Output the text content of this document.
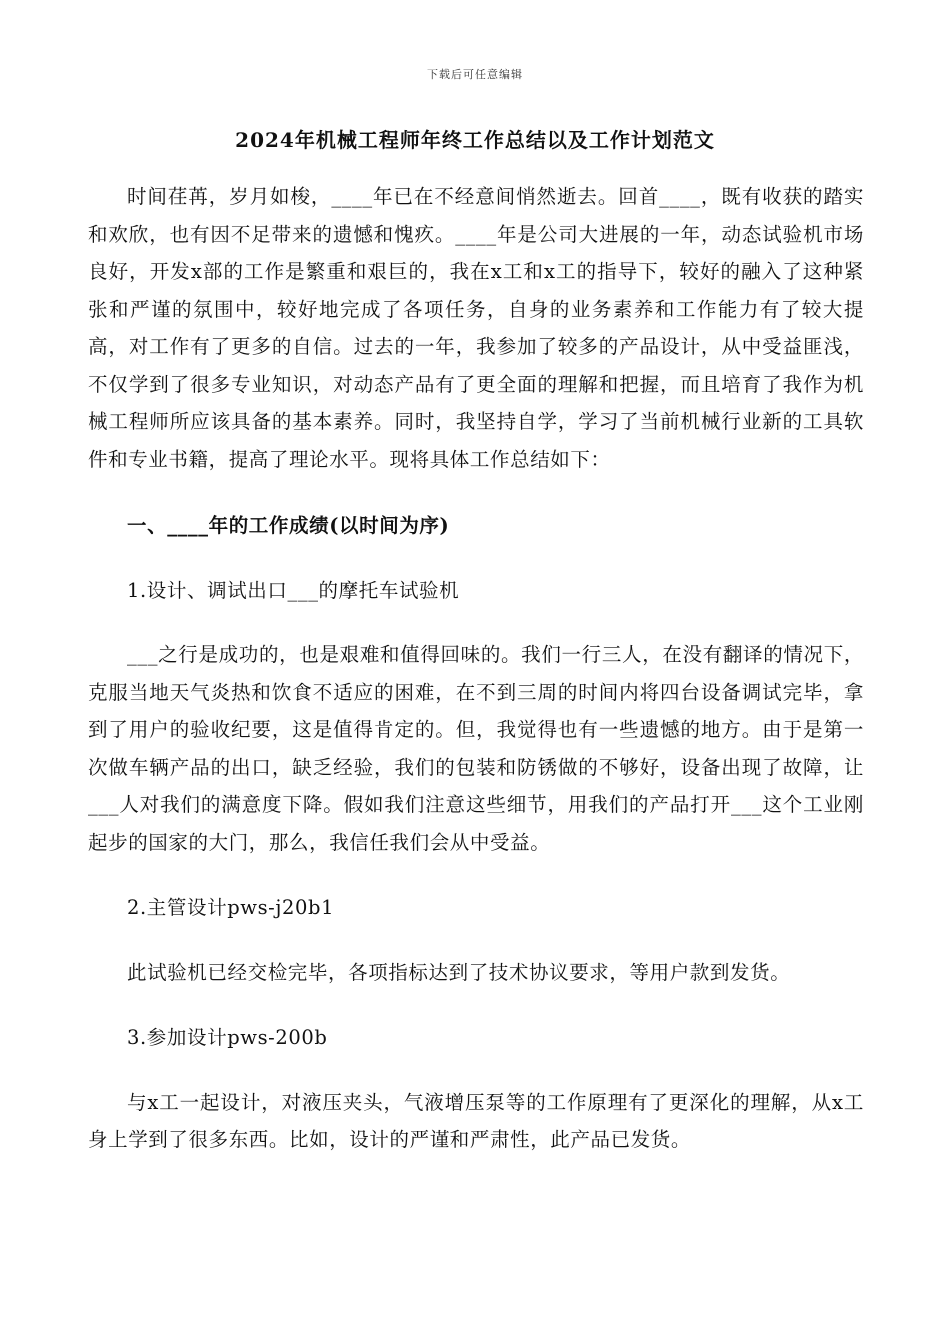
下载后可任意编辑
2024年机械工程师年终工作总结以及工作计划范文

时间荏苒，岁月如梭，____年已在不经意间悄然逝去。回首____，既有收获的踏实和欢欣，也有因不足带来的遗憾和愧疚。____年是公司大进展的一年，动态试验机市场良好，开发x部的工作是繁重和艰巨的，我在x工和x工的指导下，较好的融入了这种紧张和严谨的氛围中，较好地完成了各项任务，自身的业务素养和工作能力有了较大提高，对工作有了更多的自信。过去的一年，我参加了较多的产品设计，从中受益匪浅，不仅学到了很多专业知识，对动态产品有了更全面的理解和把握，而且培育了我作为机械工程师所应该具备的基本素养。同时，我坚持自学，学习了当前机械行业新的工具软件和专业书籍，提高了理论水平。现将具体工作总结如下：

一、____年的工作成绩(以时间为序)

1.设计、调试出口___的摩托车试验机

___之行是成功的，也是艰难和值得回味的。我们一行三人，在没有翻译的情况下，克服当地天气炎热和饮食不适应的困难，在不到三周的时间内将四台设备调试完毕，拿到了用户的验收纪要，这是值得肯定的。但，我觉得也有一些遗憾的地方。由于是第一次做车辆产品的出口，缺乏经验，我们的包装和防锈做的不够好，设备出现了故障，让___人对我们的满意度下降。假如我们注意这些细节，用我们的产品打开___这个工业刚起步的国家的大门，那么，我信任我们会从中受益。

2.主管设计pws-j20b1

此试验机已经交检完毕，各项指标达到了技术协议要求，等用户款到发货。

3.参加设计pws-200b

与x工一起设计，对液压夹头，气液增压泵等的工作原理有了更深化的理解，从x工身上学到了很多东西。比如，设计的严谨和严肃性，此产品已发货。
